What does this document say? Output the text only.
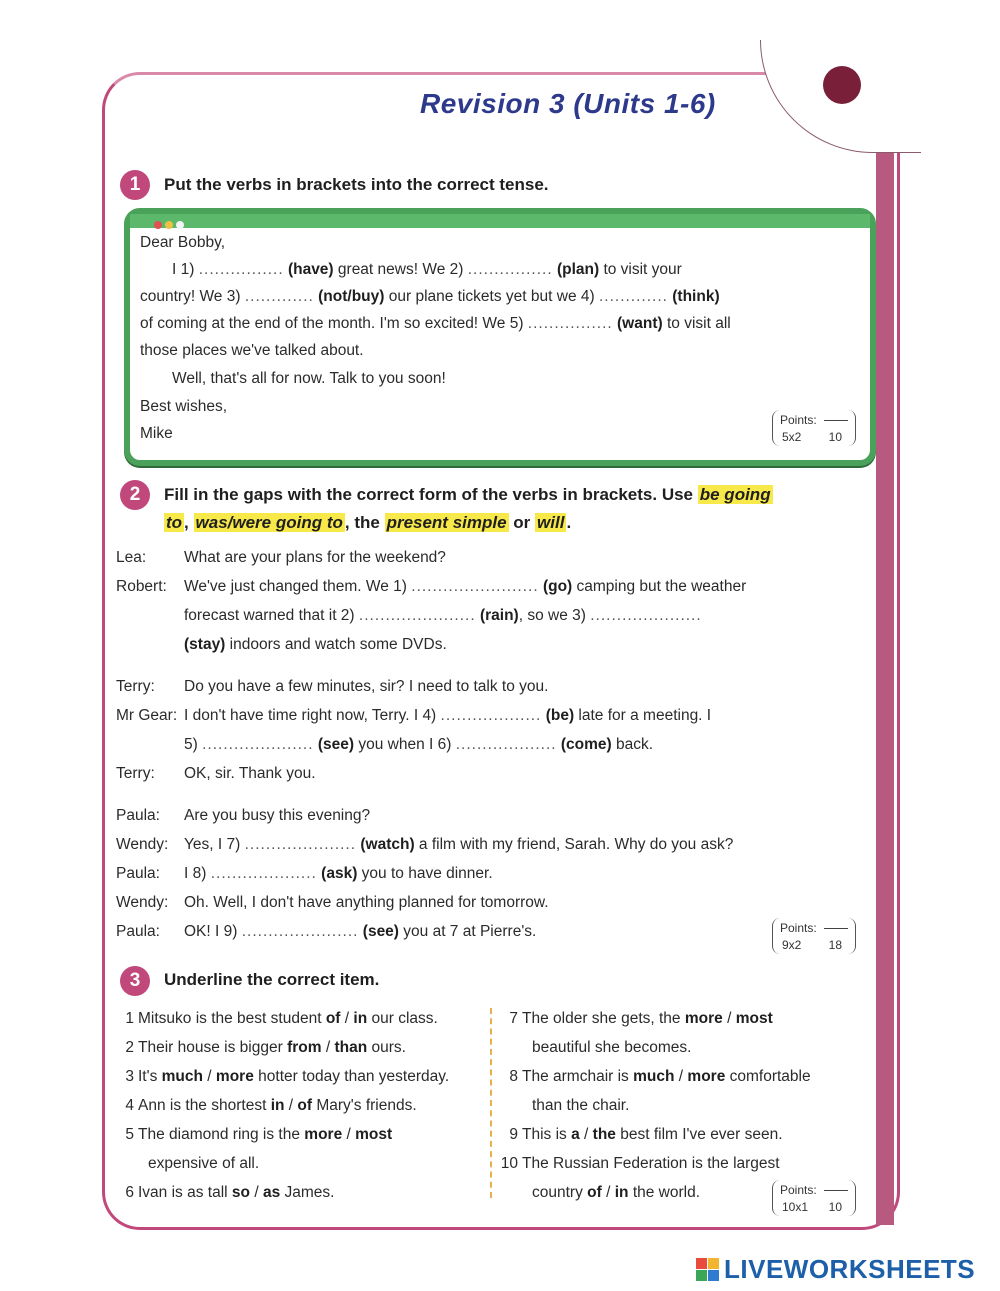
Revision 3 (Units 1-6)
1	Put the verbs in brackets into the correct tense.
Dear Bobby,
I 1) ................ (have) great news! We 2) ................ (plan) to visit your
country! We 3) ............. (not/buy) our plane tickets yet but we 4) ............. (think)
of coming at the end of the month. I'm so excited! We 5) ................ (want) to visit all
those places we've talked about.
Well, that's all for now. Talk to you soon!
Best wishes,
Mike
Points:
5x2 10
2	Fill in the gaps with the correct form of the verbs in brackets. Use be going
to , was/were going to , the present simple or will .
Lea: What are your plans for the weekend?
Robert: We've just changed them. We 1) ........................ (go) camping but the weather
forecast warned that it 2) ...................... (rain), so we 3) .....................
(stay) indoors and watch some DVDs.
Terry: Do you have a few minutes, sir? I need to talk to you.
Mr Gear: I don't have time right now, Terry. I 4) ................... (be) late for a meeting. I
5) ..................... (see) you when I 6) ................... (come) back.
Terry: OK, sir. Thank you.
Paula: Are you busy this evening?
Wendy: Yes, I 7) ..................... (watch) a film with my friend, Sarah. Why do you ask?
Paula: I 8) .................... (ask) you to have dinner.
Wendy: Oh. Well, I don't have anything planned for tomorrow.
Paula: OK! I 9) ...................... (see) you at 7 at Pierre's.	Points:
9x2 18
3	Underline the correct item.
1 Mitsuko is the best student of / in our class.
2 Their house is bigger from / than ours.
3 It's much / more hotter today than yesterday.
4 Ann is the shortest in / of Mary's friends.
5 The diamond ring is the more / most
expensive of all.
6 Ivan is as tall so / as James.
7 The older she gets, the more / most
beautiful she becomes.
8 The armchair is much / more comfortable
than the chair.
9 This is a / the best film I've ever seen.
10 The Russian Federation is the largest
country of / in the world.	Points:
10x1 10
LIVEWORKSHEETS
